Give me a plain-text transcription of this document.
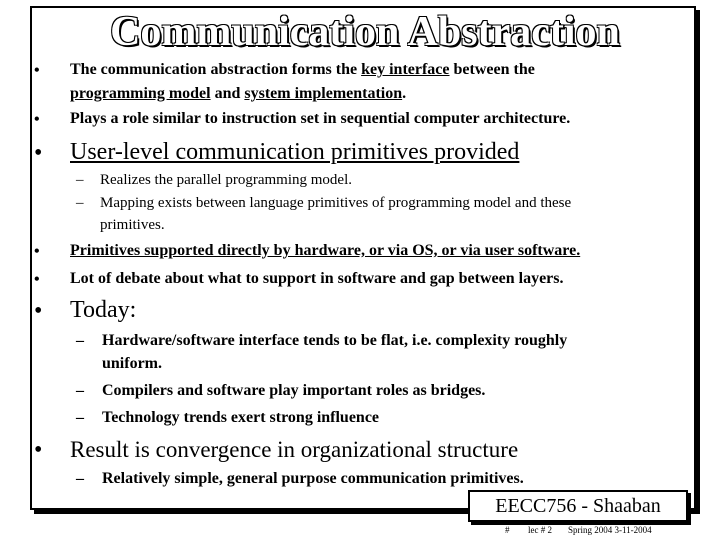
Communication Abstraction
• The communication abstraction forms the key interface between the
programming model and system implementation.
• Plays a role similar to instruction set in sequential computer architecture.
• User-level communication primitives provided
– Realizes the parallel programming model.
– Mapping exists between language primitives of programming model and these
primitives.
• Primitives supported directly by hardware, or via OS, or via user software.
• Lot of debate about what to support in software and gap between layers.
• Today:
– Hardware/software interface tends to be flat, i.e. complexity roughly
uniform.
– Compilers and software play important roles as bridges.
– Technology trends exert strong influence
• Result is convergence in organizational structure
– Relatively simple, general purpose communication primitives.
EECC756 - Shaaban
# lec # 2 Spring 2004 3-11-2004
